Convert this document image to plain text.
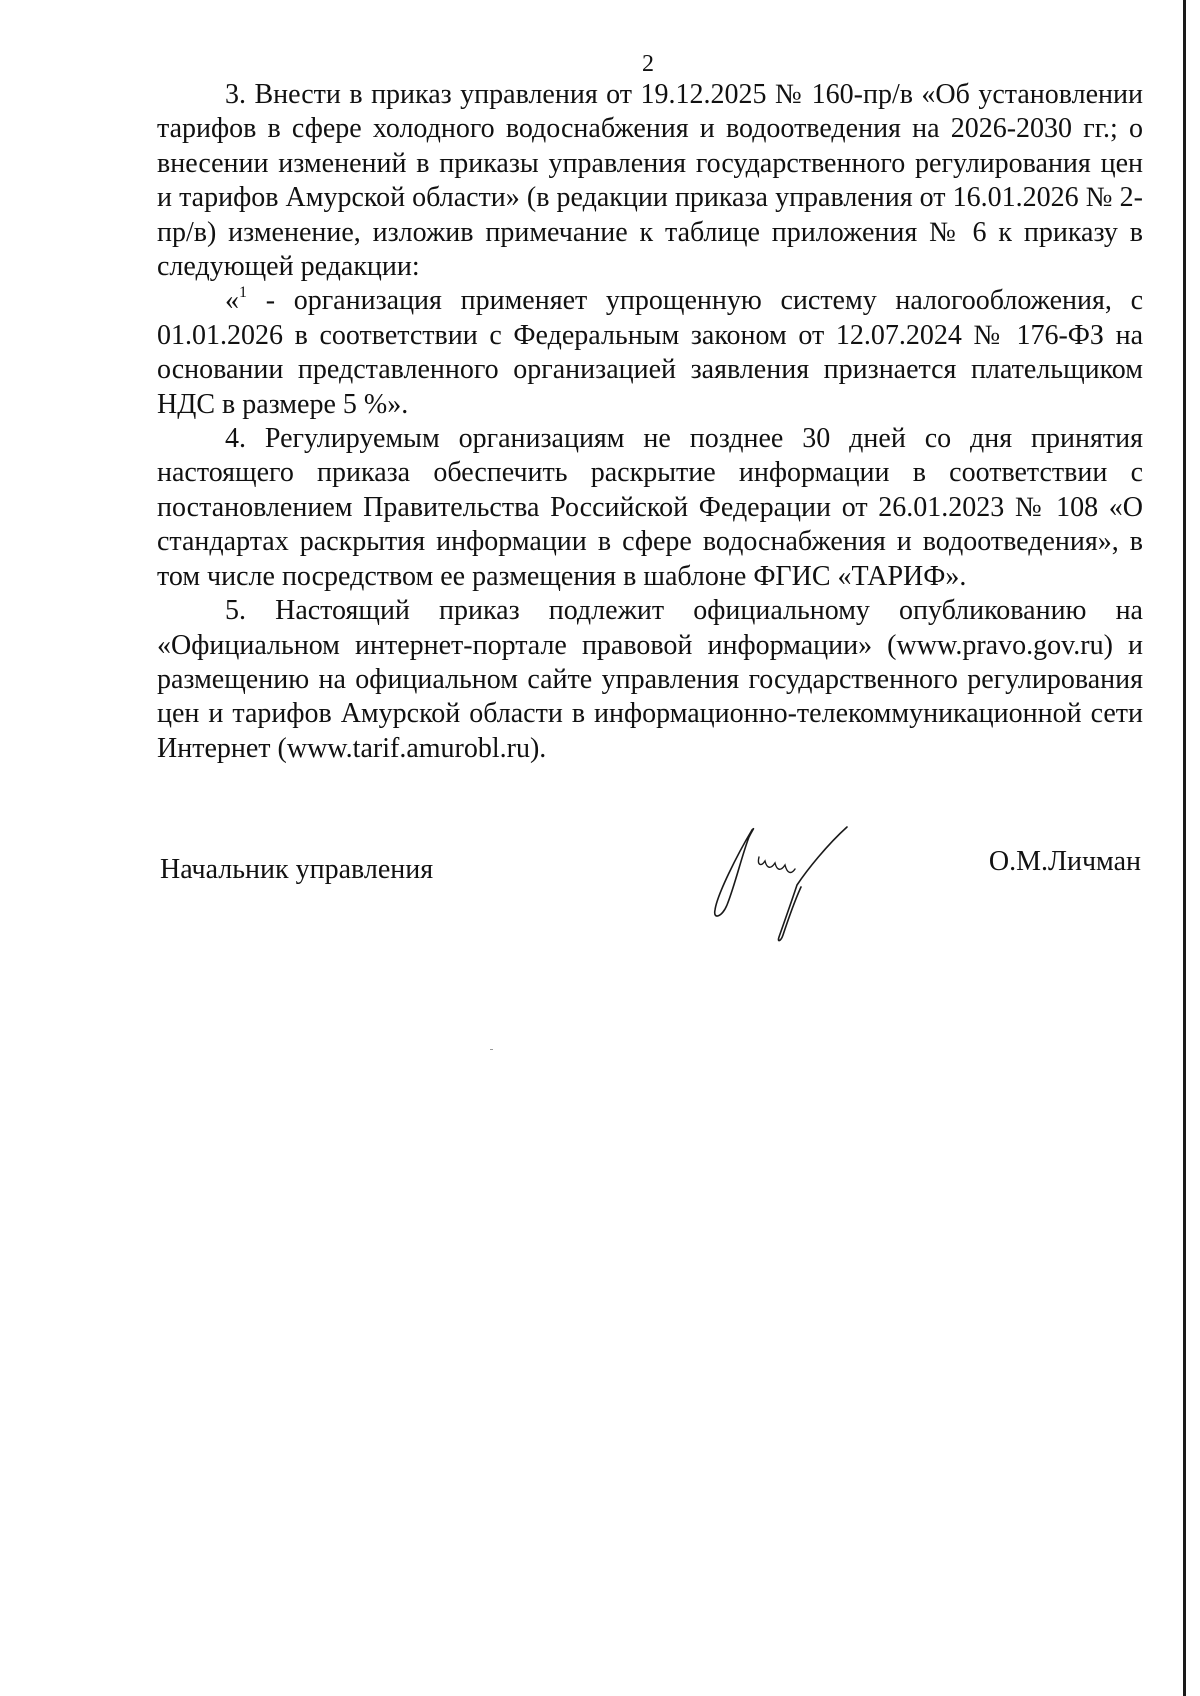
2

3. Внести в приказ управления от 19.12.2025 № 160-пр/в «Об установлении тарифов в сфере холодного водоснабжения и водоотведения на 2026-2030 гг.; о внесении изменений в приказы управления государственного регулирования цен и тарифов Амурской области» (в редакции приказа управления от 16.01.2026 № 2-пр/в) изменение, изложив примечание к таблице приложения № 6 к приказу в следующей редакции:

«$^1$ - организация применяет упрощенную систему налогообложения, с 01.01.2026 в соответствии с Федеральным законом от 12.07.2024 № 176-ФЗ на основании представленного организацией заявления признается плательщиком НДС в размере 5 %».

4. Регулируемым организациям не позднее 30 дней со дня принятия настоящего приказа обеспечить раскрытие информации в соответствии с постановлением Правительства Российской Федерации от 26.01.2023 № 108 «О стандартах раскрытия информации в сфере водоснабжения и водоотведения», в том числе посредством ее размещения в шаблоне ФГИС «ТАРИФ».

5. Настоящий приказ подлежит официальному опубликованию на «Официальном интернет-портале правовой информации» (www.pravo.gov.ru) и размещению на официальном сайте управления государственного регулирования цен и тарифов Амурской области в информационно-телекоммуникационной сети Интернет (www.tarif.amurobl.ru).

Начальник управления	О.М.Личман
